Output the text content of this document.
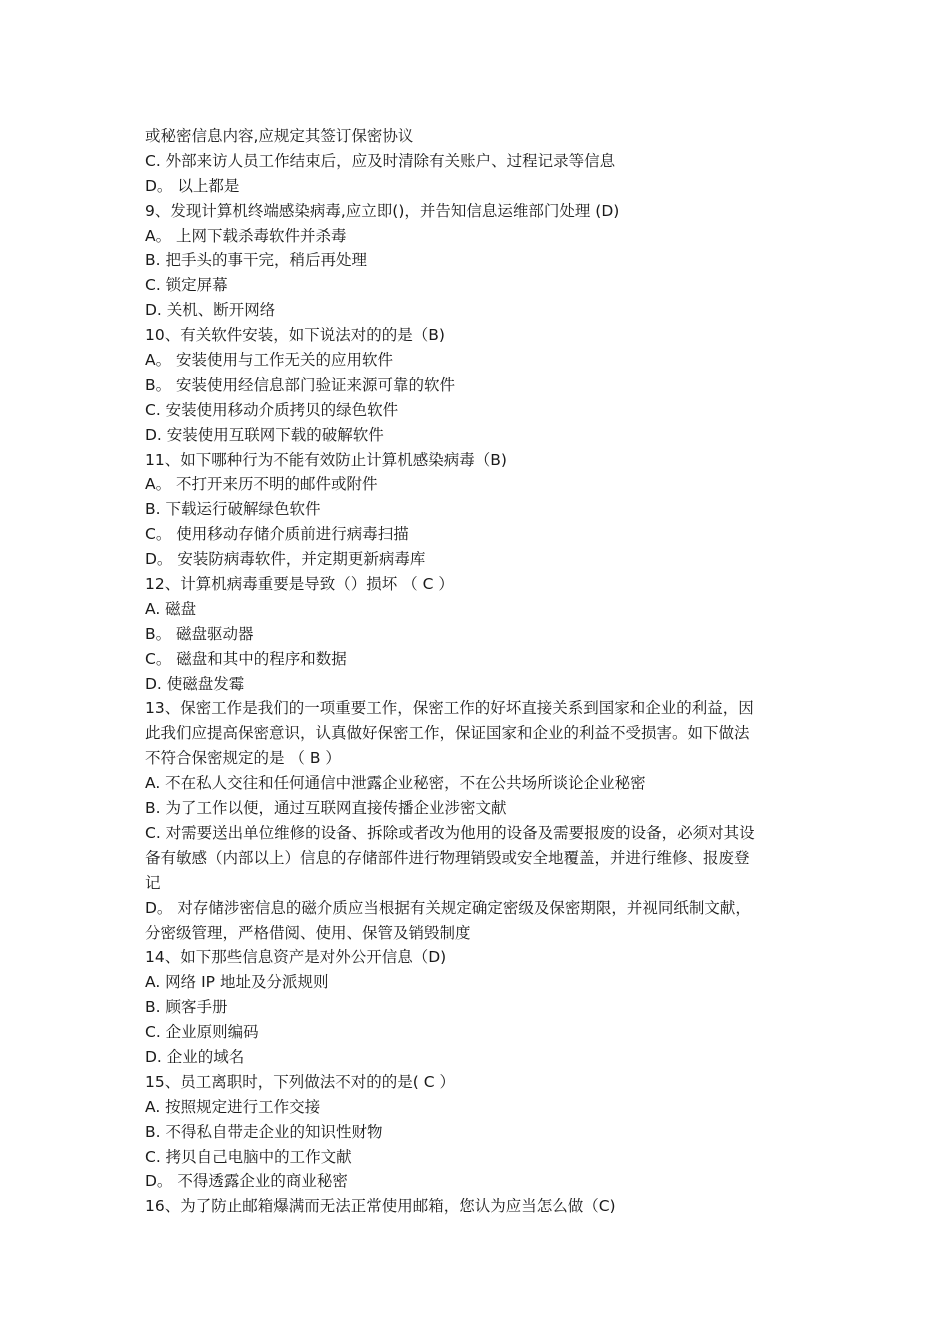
或秘密信息内容,应规定其签订保密协议
C. 外部来访人员工作结束后，应及时清除有关账户、过程记录等信息
D。 以上都是
9、发现计算机终端感染病毒,应立即()，并告知信息运维部门处理 (D)
A。 上网下载杀毒软件并杀毒
B. 把手头的事干完，稍后再处理
C. 锁定屏幕
D. 关机、断开网络
10、有关软件安装，如下说法对的的是（B)
A。 安装使用与工作无关的应用软件
B。 安装使用经信息部门验证来源可靠的软件
C. 安装使用移动介质拷贝的绿色软件
D. 安装使用互联网下载的破解软件
11、如下哪种行为不能有效防止计算机感染病毒（B)
A。 不打开来历不明的邮件或附件
B. 下载运行破解绿色软件
C。 使用移动存储介质前进行病毒扫描
D。 安装防病毒软件，并定期更新病毒库
12、计算机病毒重要是导致（）损坏 （ C ）
A. 磁盘
B。 磁盘驱动器
C。 磁盘和其中的程序和数据
D. 使磁盘发霉
13、保密工作是我们的一项重要工作，保密工作的好坏直接关系到国家和企业的利益，因
此我们应提高保密意识，认真做好保密工作，保证国家和企业的利益不受损害。如下做法
不符合保密规定的是 （ B ）
A. 不在私人交往和任何通信中泄露企业秘密，不在公共场所谈论企业秘密
B. 为了工作以便，通过互联网直接传播企业涉密文献
C. 对需要送出单位维修的设备、拆除或者改为他用的设备及需要报废的设备，必须对其设
备有敏感（内部以上）信息的存储部件进行物理销毁或安全地覆盖，并进行维修、报废登
记
D。 对存储涉密信息的磁介质应当根据有关规定确定密级及保密期限，并视同纸制文献，
分密级管理，严格借阅、使用、保管及销毁制度
14、如下那些信息资产是对外公开信息（D)
A. 网络 IP 地址及分派规则
B. 顾客手册
C. 企业原则编码
D. 企业的域名
15、员工离职时，下列做法不对的的是( C ）
A. 按照规定进行工作交接
B. 不得私自带走企业的知识性财物
C. 拷贝自己电脑中的工作文献
D。 不得透露企业的商业秘密
16、为了防止邮箱爆满而无法正常使用邮箱，您认为应当怎么做（C)
